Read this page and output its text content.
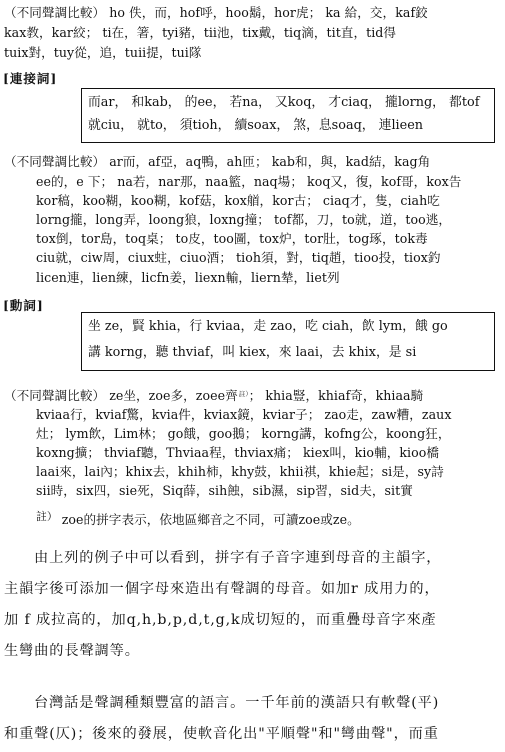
（不同聲調比較） ho 佚，而，hof呼，hoo鬍，hor虎； ka 給，交，kaf鉸
kax教，kar絞； ti在，箸，tyi豬，tii池，tix戴，tiq滴，tit直，tid得
tuix對，tuy從，追，tuii提，tui隊
[連接詞]
而ar， 和kab， 的ee， 若na， 又koq， 才ciaq， 攏lorng， 都tof
就ciu， 就to， 須tioh， 續soax， 煞，息soaq， 連lieen
（不同聲調比較） ar而，af亞，aq鴨，ah匝； kab和，與，kad結，kag角
ee的，e 下； na若，nar那，naa籃，naq場； koq又，復，kof哥，kox告
kor稿，koo糊，koo糊，kof菇，kox艏，kor古； ciaq才，隻，ciah吃
lorng攏，long弄，loong狼，loxng撞； tof都，刀，to就，道，too逃，
tox倒，tor島，toq桌； to皮，too圖，tox炉，tor肚，tog琢，tok毒
ciu就，ciw周，ciux蛀，ciuo酒； tioh須，對，tiq趙，tioo投，tiox釣
licen連，lien練，licfn姜，liexn輸，liern辇，liet列
[動詞]
坐 ze，賢 khia，行 kviaa，走 zao，吃 ciah，飲 lym，餓 go
講 korng，聽 thviaf，叫 kiex，來 laai，去 khix，是 si
（不同聲調比較） ze坐，zoe多，zoee齊$^{註)}$； khia豎，khiaf奇，khiaa騎
kviaa行，kviaf驚，kvia件，kviax鏡，kviar子； zao走，zaw糟，zaux
灶； lym飲，Lim林； go餓，goo鵝； korng講，kofng公，koong狂，
koxng擴； thviaf聽，Thviaa程，thviax痛； kiex叫，kio輔，kioo橋
laai來，lai內；khix去，khih柿，khy鼓，khii祺，khie起；si是，sy詩
sii時，six四，sie死，Siq薛，sih蝕，sib濕，sip習，sid夫，sit實
註） zoe的拼字表示，依地區鄉音之不同，可讀zoe或ze。
由上列的例子中可以看到，拼字有子音字連到母音的主韻字，
主韻字後可添加一個字母來造出有聲調的母音。如加r 成用力的，
加 f 成拉高的，加q,h,b,p,d,t,g,k成切短的，而重疊母音字來產
生彎曲的長聲調等。
台灣話是聲調種類豐富的語言。一千年前的漢語只有軟聲(平)
和重聲(仄)；後來的發展，使軟音化出"平順聲"和"彎曲聲"，而重
